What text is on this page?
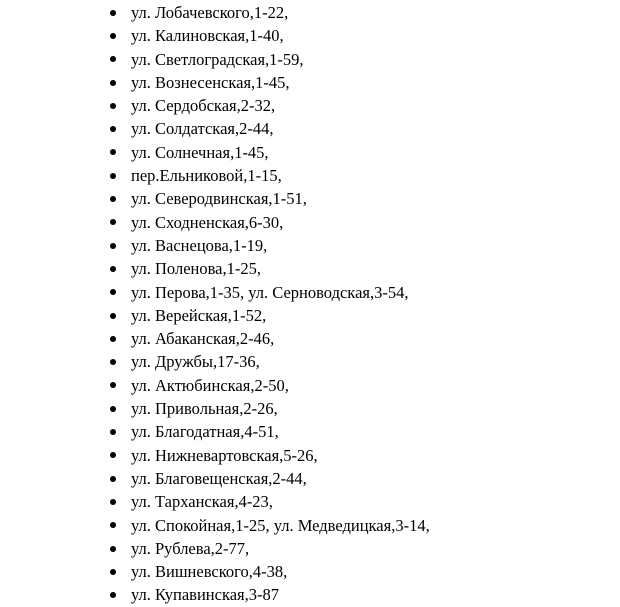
ул. Лобачевского,1-22,
ул. Калиновская,1-40,
ул. Светлоградская,1-59,
ул. Вознесенская,1-45,
ул. Сердобская,2-32,
ул. Солдатская,2-44,
ул. Солнечная,1-45,
пер.Ельниковой,1-15,
ул. Северодвинская,1-51,
ул. Сходненская,6-30,
ул. Васнецова,1-19,
ул. Поленова,1-25,
ул. Перова,1-35, ул. Серноводская,3-54,
ул. Верейская,1-52,
ул. Абаканская,2-46,
ул. Дружбы,17-36,
ул. Актюбинская,2-50,
ул. Привольная,2-26,
ул. Благодатная,4-51,
ул. Нижневартовская,5-26,
ул. Благовещенская,2-44,
ул. Тарханская,4-23,
ул. Спокойная,1-25, ул. Медведицкая,3-14,
ул. Рублева,2-77,
ул. Вишневского,4-38,
ул. Купавинская,3-87
